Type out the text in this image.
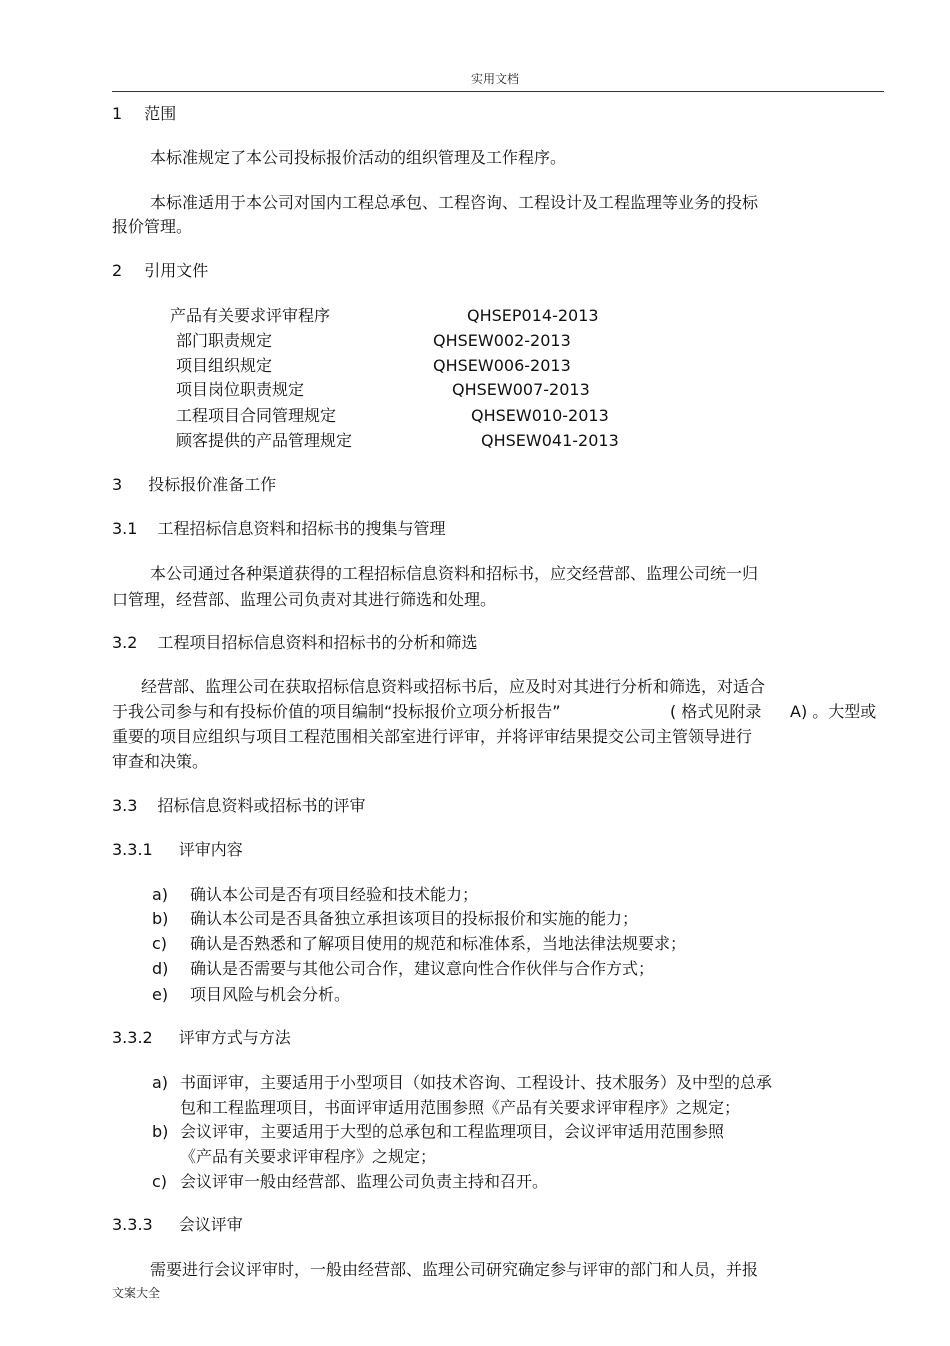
实用文档
1 范围
本标准规定了本公司投标报价活动的组织管理及工作程序。
本标准适用于本公司对国内工程总承包、工程咨询、工程设计及工程监理等业务的投标
报价管理。
2 引用文件
产品有关要求评审程序	QHSEP014-2013
部门职责规定	QHSEW002-2013
项目组织规定	QHSEW006-2013
项目岗位职责规定	QHSEW007-2013
工程项目合同管理规定	QHSEW010-2013
顾客提供的产品管理规定	QHSEW041-2013
3 投标报价准备工作
3.1 工程招标信息资料和招标书的搜集与管理
本公司通过各种渠道获得的工程招标信息资料和招标书，应交经营部、监理公司统一归
口管理，经营部、监理公司负责对其进行筛选和处理。
3.2 工程项目招标信息资料和招标书的分析和筛选
经营部、监理公司在获取招标信息资料或招标书后，应及时对其进行分析和筛选，对适合
于我公司参与和有投标价值的项目编制“投标报价立项分析报告”	( 格式见附录 A) 。大型或
重要的项目应组织与项目工程范围相关部室进行评审，并将评审结果提交公司主管领导进行
审查和决策。
3.3 招标信息资料或招标书的评审
3.3.1 评审内容
a) 确认本公司是否有项目经验和技术能力；
b) 确认本公司是否具备独立承担该项目的投标报价和实施的能力；
c) 确认是否熟悉和了解项目使用的规范和标准体系，当地法律法规要求；
d) 确认是否需要与其他公司合作，建议意向性合作伙伴与合作方式；
e) 项目风险与机会分析。
3.3.2 评审方式与方法
a) 书面评审，主要适用于小型项目（如技术咨询、工程设计、技术服务）及中型的总承
包和工程监理项目，书面评审适用范围参照《产品有关要求评审程序》之规定；
b) 会议评审，主要适用于大型的总承包和工程监理项目，会议评审适用范围参照
《产品有关要求评审程序》之规定；
c) 会议评审一般由经营部、监理公司负责主持和召开。
3.3.3 会议评审
需要进行会议评审时，一般由经营部、监理公司研究确定参与评审的部门和人员，并报
文案大全
